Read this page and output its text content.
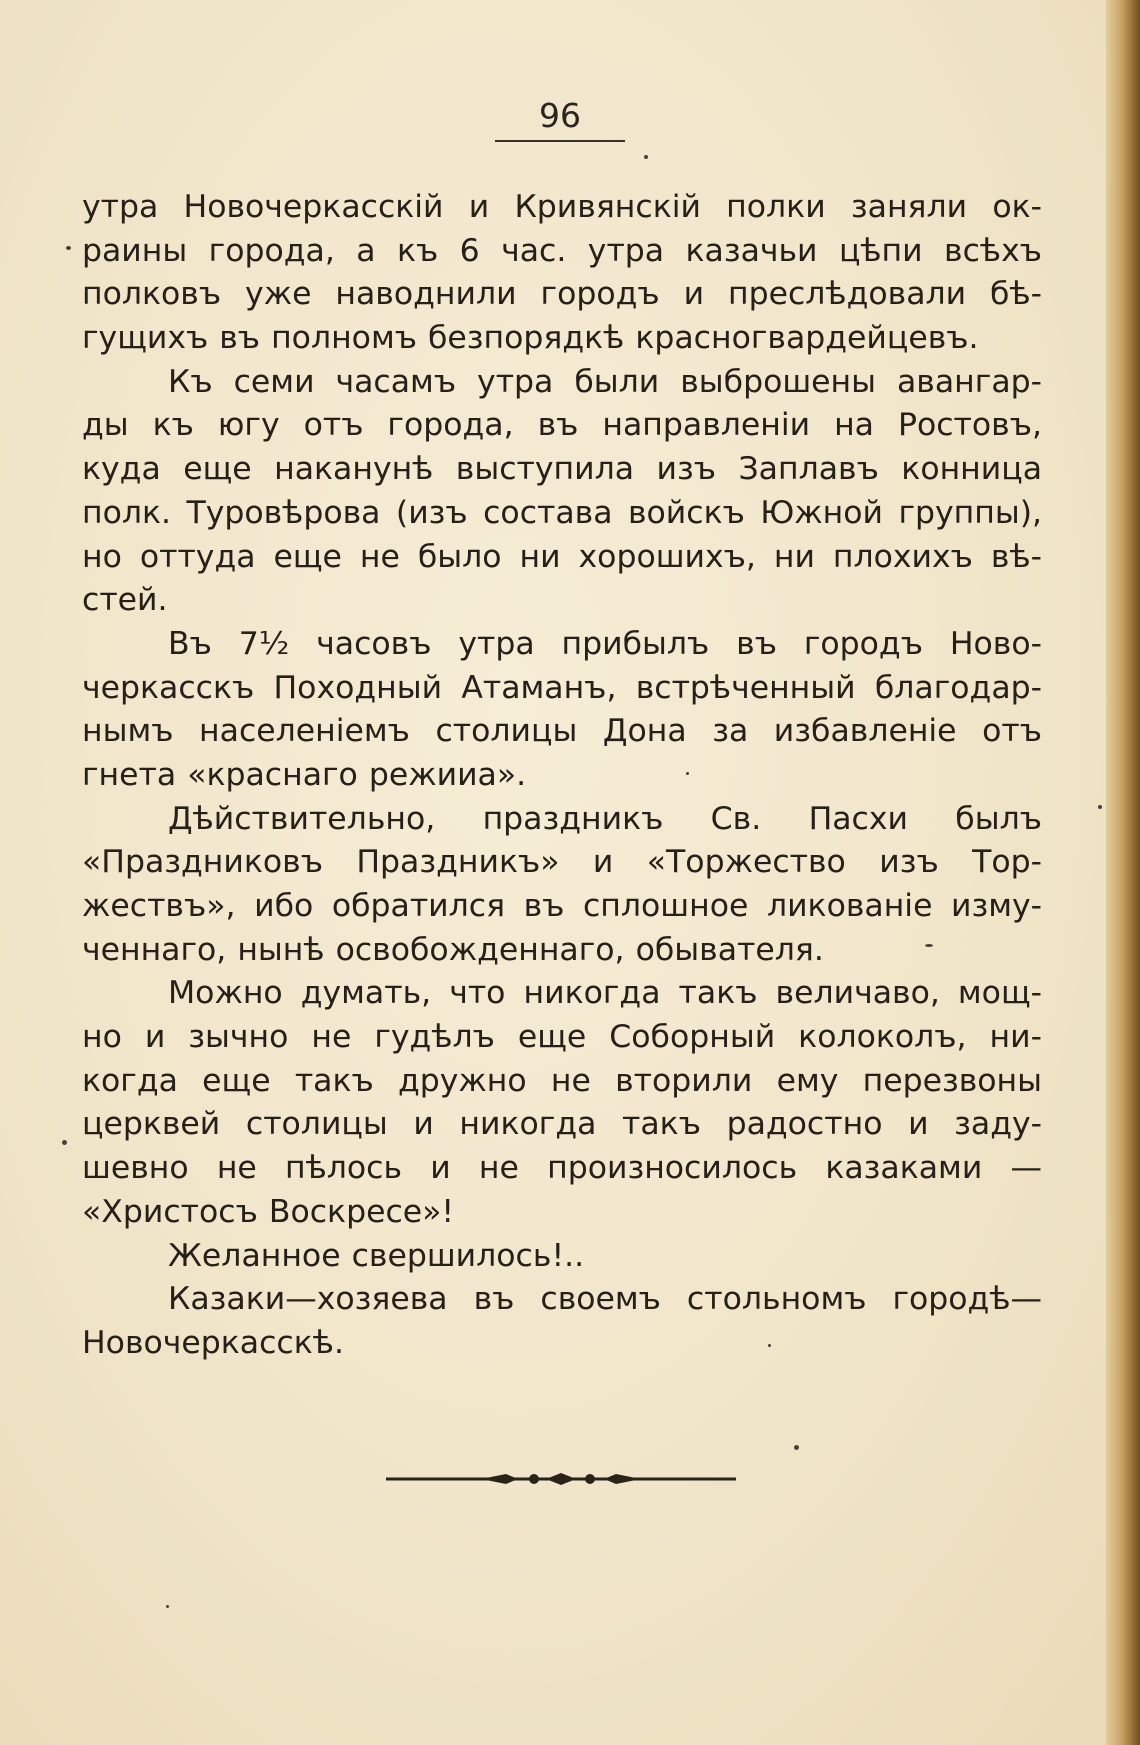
96
утра Новочеркасскій и Кривянскій полки заняли ок-
раины города, а къ 6 час. утра казачьи цѣпи всѣхъ
полковъ уже наводнили городъ и преслѣдовали бѣ-
гущихъ въ полномъ безпорядкѣ красногвардейцевъ.
Къ семи часамъ утра были выброшены авангар-
ды къ югу отъ города, въ направленіи на Ростовъ,
куда еще наканунѣ выступила изъ Заплавъ конница
полк. Туровѣрова (изъ состава войскъ Южной группы),
но оттуда еще не было ни хорошихъ, ни плохихъ вѣ-
стей.
Въ 7½ часовъ утра прибылъ въ городъ Ново-
черкасскъ Походный Атаманъ, встрѣченный благодар-
нымъ населеніемъ столицы Дона за избавленіе отъ
гнета «краснаго режииа».
Дѣйствительно, праздникъ Св. Пасхи былъ
«Праздниковъ Праздникъ» и «Торжество изъ Тор-
жествъ», ибо обратился въ сплошное ликованіе изму-
ченнаго, нынѣ освобожденнаго, обывателя.
Можно думать, что никогда такъ величаво, мощ-
но и зычно не гудѣлъ еще Соборный колоколъ, ни-
когда еще такъ дружно не вторили ему перезвоны
церквей столицы и никогда такъ радостно и заду-
шевно не пѣлось и не произносилось казаками —
«Христосъ Воскресе»!
Желанное свершилось!..
Казаки—хозяева въ своемъ стольномъ городѣ—
Новочеркасскѣ.
